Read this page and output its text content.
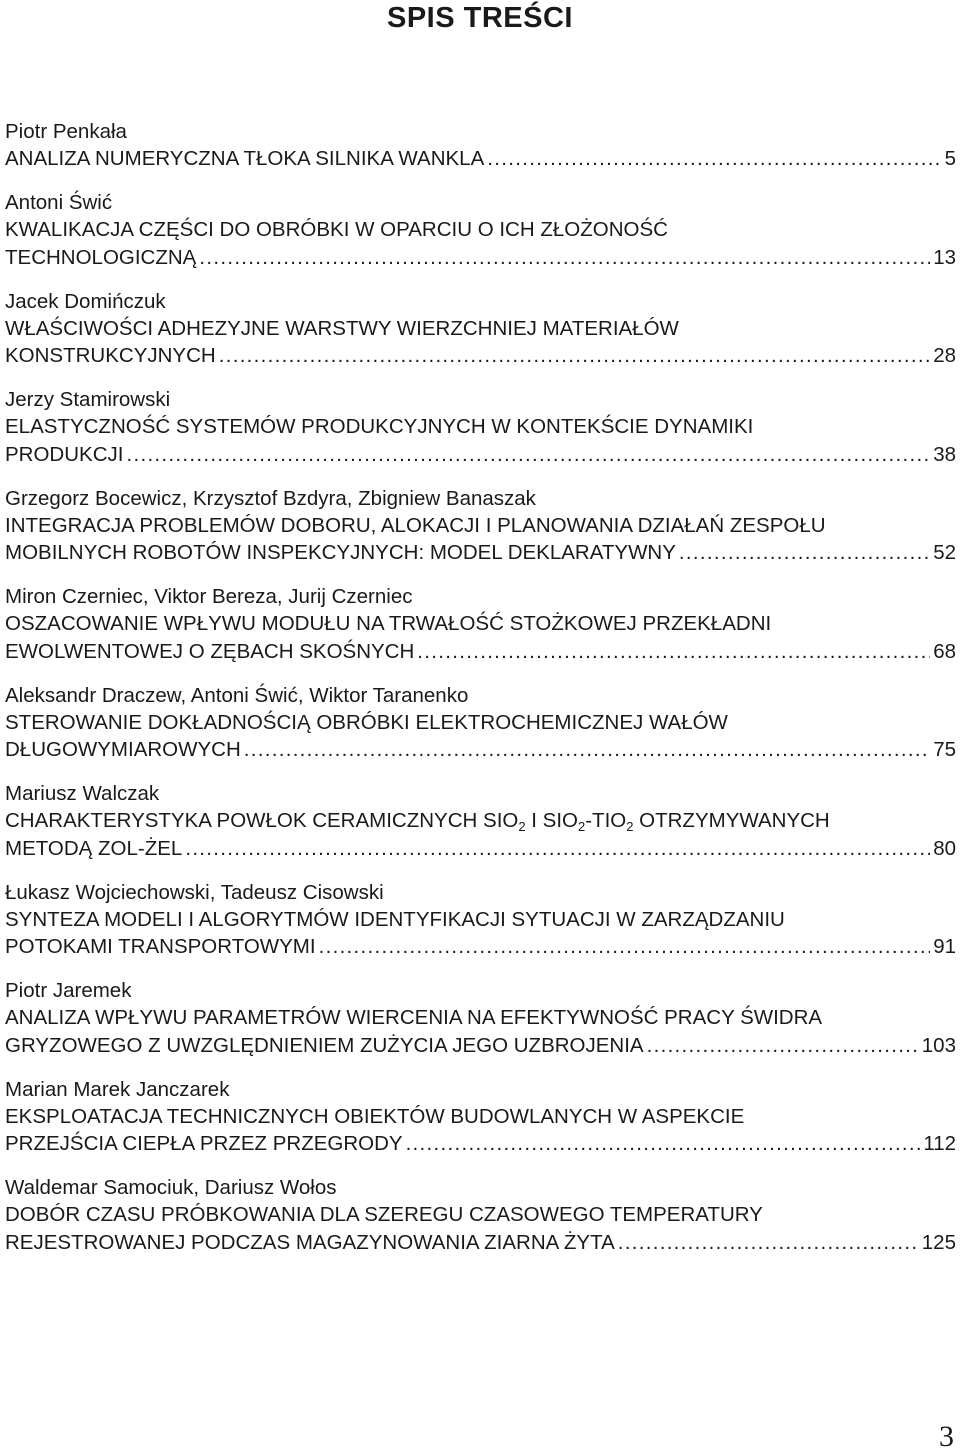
SPIS TREŚCI
Piotr Penkała
ANALIZA NUMERYCZNA TŁOKA SILNIKA WANKLA . . .	5
Antoni Świć
KWALIKACJA CZĘŚCI DO OBRÓBKI W OPARCIU O ICH ZŁOŻONOŚĆ
TECHNOLOGICZNĄ . . .	13
Jacek Domińczuk
WŁAŚCIWOŚCI ADHEZYJNE WARSTWY WIERZCHNIEJ MATERIAŁÓW
KONSTRUKCYJNYCH . . .	28
Jerzy Stamirowski
ELASTYCZNOŚĆ SYSTEMÓW PRODUKCYJNYCH W KONTEKŚCIE DYNAMIKI
PRODUKCJI . . .	38
Grzegorz Bocewicz, Krzysztof Bzdyra, Zbigniew Banaszak
INTEGRACJA PROBLEMÓW DOBORU, ALOKACJI I PLANOWANIA DZIAŁAŃ ZESPOŁU
MOBILNYCH ROBOTÓW INSPEKCYJNYCH: MODEL DEKLARATYWNY . . .	52
Miron Czerniec, Viktor Bereza, Jurij Czerniec
OSZACOWANIE WPŁYWU MODUŁU NA TRWAŁOŚĆ STOŻKOWEJ PRZEKŁADNI
EWOLWENTOWEJ O ZĘBACH SKOŚNYCH . . .	68
Aleksandr Draczew, Antoni Świć, Wiktor Taranenko
STEROWANIE DOKŁADNOŚCIĄ OBRÓBKI ELEKTROCHEMICZNEJ WAŁÓW
DŁUGOWYMIAROWYCH . . .	75
Mariusz Walczak
CHARAKTERYSTYKA POWŁOK CERAMICZNYCH $SIO_2$ I $SIO_2-TIO_2$ OTRZYMYWANYCH
METODĄ ZOL-ŻEL . . .	80
Łukasz Wojciechowski, Tadeusz Cisowski
SYNTEZA MODELI I ALGORYTMÓW IDENTYFIKACJI SYTUACJI W ZARZĄDZANIU
POTOKAMI TRANSPORTOWYMI . . .	91
Piotr Jaremek
ANALIZA WPŁYWU PARAMETRÓW WIERCENIA NA EFEKTYWNOŚĆ PRACY ŚWIDRA
GRYZOWEGO Z UWZGLĘDNIENIEM ZUŻYCIA JEGO UZBROJENIA . . .	103
Marian Marek Janczarek
EKSPLOATACJA TECHNICZNYCH OBIEKTÓW BUDOWLANYCH W ASPEKCIE
PRZEJŚCIA CIEPŁA PRZEZ PRZEGRODY . . .	112
Waldemar Samociuk, Dariusz Wołos
DOBÓR CZASU PRÓBKOWANIA DLA SZEREGU CZASOWEGO TEMPERATURY
REJESTROWANEJ PODCZAS MAGAZYNOWANIA ZIARNA ŻYTA . . .	125
3
